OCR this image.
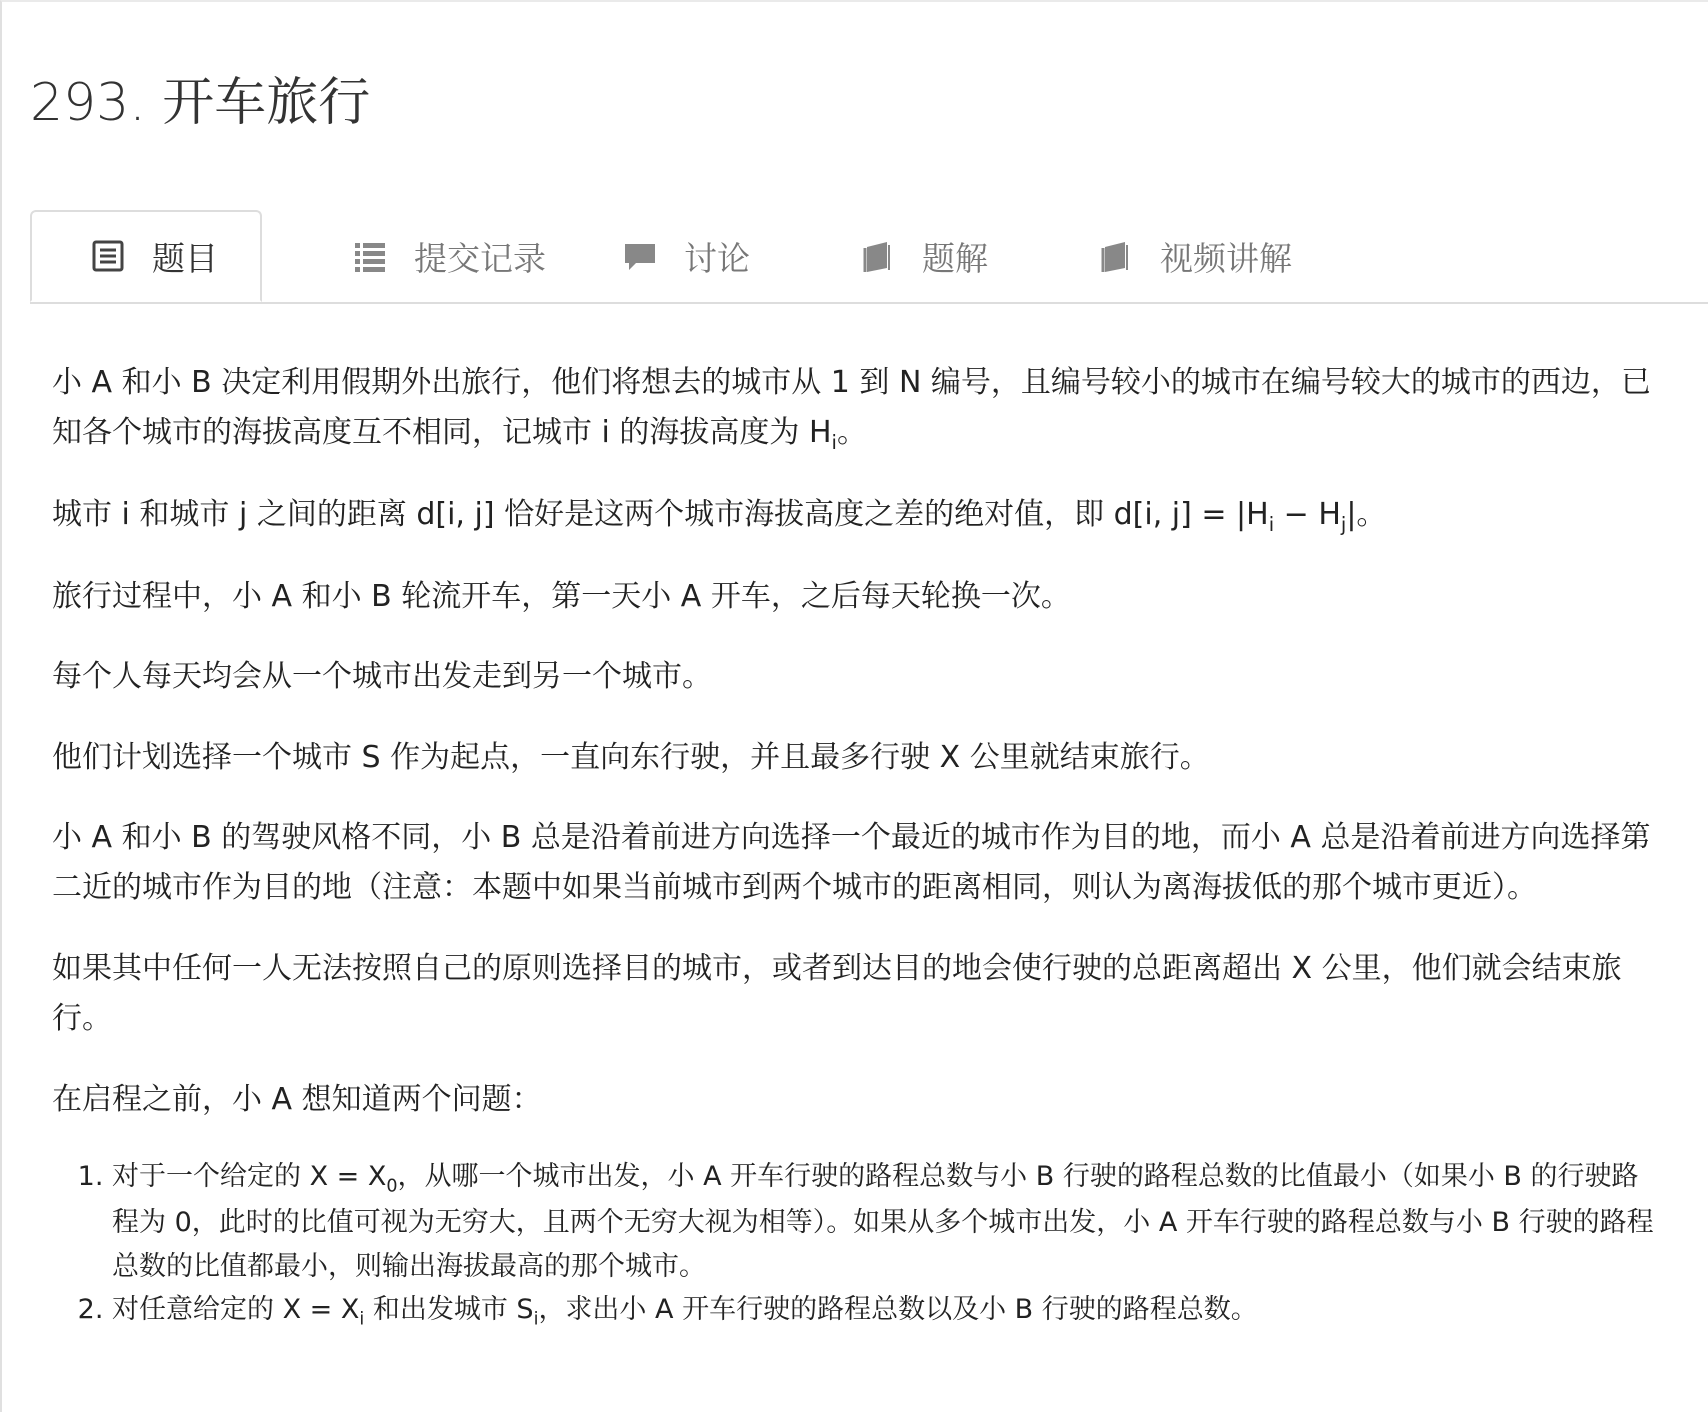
293. 开车旅行
题目	提交记录	讨论	题解	视频讲解

小 A 和小 B 决定利用假期外出旅行，他们将想去的城市从 1 到 N 编号，且编号较小的城市在编号较大的城市的西边，已知各个城市的海拔高度互不相同，记城市 i 的海拔高度为 $H_i$。

城市 i 和城市 j 之间的距离 d[i, j] 恰好是这两个城市海拔高度之差的绝对值，即 d[i, $j] = |H_i - H_j|$。

旅行过程中，小 A 和小 B 轮流开车，第一天小 A 开车，之后每天轮换一次。

每个人每天均会从一个城市出发走到另一个城市。

他们计划选择一个城市 S 作为起点，一直向东行驶，并且最多行驶 X 公里就结束旅行。

小 A 和小 B 的驾驶风格不同，小 B 总是沿着前进方向选择一个最近的城市作为目的地，而小 A 总是沿着前进方向选择第二近的城市作为目的地（注意：本题中如果当前城市到两个城市的距离相同，则认为离海拔低的那个城市更近）。

如果其中任何一人无法按照自己的原则选择目的城市，或者到达目的地会使行驶的总距离超出 X 公里，他们就会结束旅行。

在启程之前，小 A 想知道两个问题：

1. 对于一个给定的 $X = X_0$，从哪一个城市出发，小 A 开车行驶的路程总数与小 B 行驶的路程总数的比值最小（如果小 B 的行驶路程为 0，此时的比值可视为无穷大，且两个无穷大视为相等）。如果从多个城市出发，小 A 开车行驶的路程总数与小 B 行驶的路程总数的比值都最小，则输出海拔最高的那个城市。
2. 对任意给定的 $X = X_i$ 和出发城市 $S_i$，求出小 A 开车行驶的路程总数以及小 B 行驶的路程总数。
